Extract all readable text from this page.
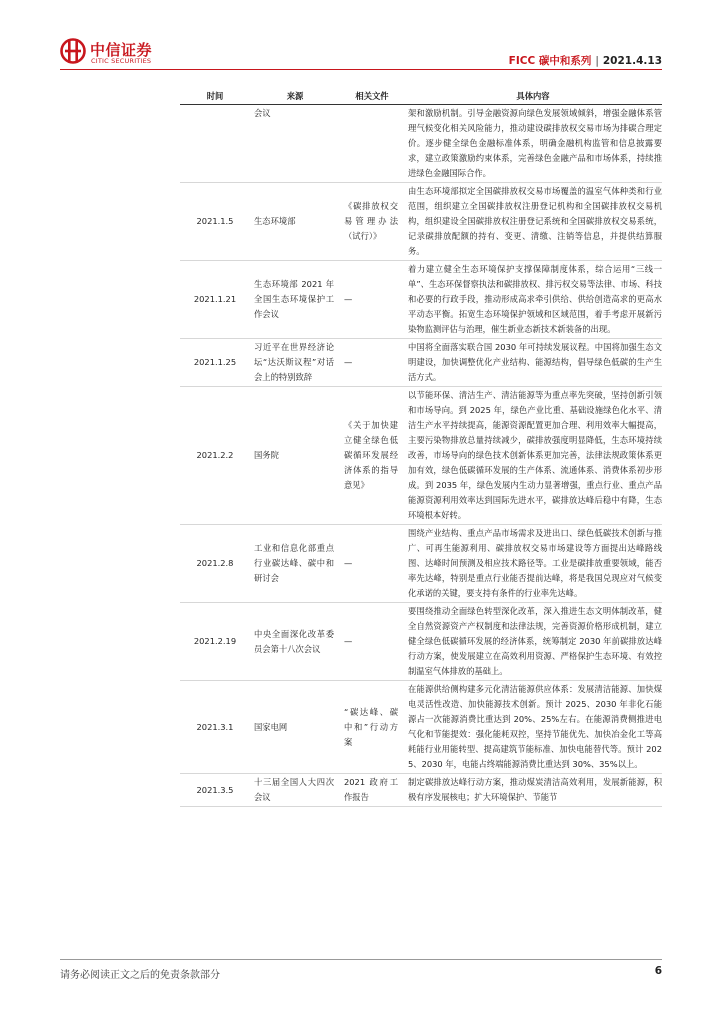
中信证券
CITIC SECURITIES	FICC 碳中和系列 | 2021.4.13
时间	来源	相关文件	具体内容
	会议		架和激励机制。引导金融资源向绿色发展领域倾斜，增强金融体系管理气候变化相关风险能力，推动建设碳排放权交易市场为排碳合理定价。逐步健全绿色金融标准体系，明确金融机构监管和信息披露要求，建立政策激励约束体系，完善绿色金融产品和市场体系，持续推进绿色金融国际合作。
2021.1.5	生态环境部	《碳排放权交易管理办法（试行）》	由生态环境部拟定全国碳排放权交易市场覆盖的温室气体种类和行业范围，组织建立全国碳排放权注册登记机构和全国碳排放权交易机构，组织建设全国碳排放权注册登记系统和全国碳排放权交易系统，记录碳排放配额的持有、变更、清缴、注销等信息，并提供结算服务。
2021.1.21	生态环境部 2021 年全国生态环境保护工作会议	—	着力建立健全生态环境保护支撑保障制度体系，综合运用“三线一单”、生态环保督察执法和碳排放权、排污权交易等法律、市场、科技和必要的行政手段，推动形成高求牵引供给、供给创造高求的更高水平动态平衡。拓宽生态环境保护领域和区域范围，着手考虑开展新污染物监测评估与治理，催生新业态新技术新装备的出现。
2021.1.25	习近平在世界经济论坛“达沃斯议程”对话会上的特别致辞	—	中国将全面落实联合国 2030 年可持续发展议程。中国将加强生态文明建设，加快调整优化产业结构、能源结构，倡导绿色低碳的生产生活方式。
2021.2.2	国务院	《关于加快建立健全绿色低碳循环发展经济体系的指导意见》	以节能环保、清洁生产、清洁能源等为重点率先突破，坚持创新引领和市场导向。到 2025 年，绿色产业比重、基础设施绿色化水平、清洁生产水平持续提高，能源资源配置更加合理、利用效率大幅提高，主要污染物排放总量持续减少，碳排放强度明显降低，生态环境持续改善，市场导向的绿色技术创新体系更加完善，法律法规政策体系更加有效，绿色低碳循环发展的生产体系、流通体系、消费体系初步形成。到 2035 年，绿色发展内生动力显著增强，重点行业、重点产品能源资源利用效率达到国际先进水平，碳排放达峰后稳中有降，生态环境根本好转。
2021.2.8	工业和信息化部重点行业碳达峰、碳中和研讨会	—	围绕产业结构、重点产品市场需求及进出口、绿色低碳技术创新与推广、可再生能源利用、碳排放权交易市场建设等方面提出达峰路线图、达峰时间预测及相应技术路径等。工业是碳排放重要领域，能否率先达峰，特别是重点行业能否提前达峰，将是我国兑现应对气候变化承诺的关键，要支持有条件的行业率先达峰。
2021.2.19	中央全面深化改革委员会第十八次会议	—	要围绕推动全面绿色转型深化改革，深入推进生态文明体制改革，健全自然资源资产产权制度和法律法规，完善资源价格形成机制，建立健全绿色低碳循环发展的经济体系，统筹制定 2030 年前碳排放达峰行动方案，使发展建立在高效利用资源、严格保护生态环境、有效控制温室气体排放的基础上。
2021.3.1	国家电网	“碳达峰、碳中和”行动方案	在能源供给侧构建多元化清洁能源供应体系：发展清洁能源、加快煤电灵活性改造、加快能源技术创新。预计 2025、2030 年非化石能源占一次能源消费比重达到 20%、25%左右。在能源消费侧推进电气化和节能提效：强化能耗双控，坚持节能优先、加快冶金化工等高耗能行业用能转型、提高建筑节能标准、加快电能替代等。预计 2025、2030 年，电能占终端能源消费比重达到 30%、35%以上。
2021.3.5	十三届全国人大四次会议	2021 政府工作报告	制定碳排放达峰行动方案，推动煤炭清洁高效利用，发展新能源，积极有序发展核电；扩大环境保护、节能节
请务必阅读正文之后的免责条款部分	6
